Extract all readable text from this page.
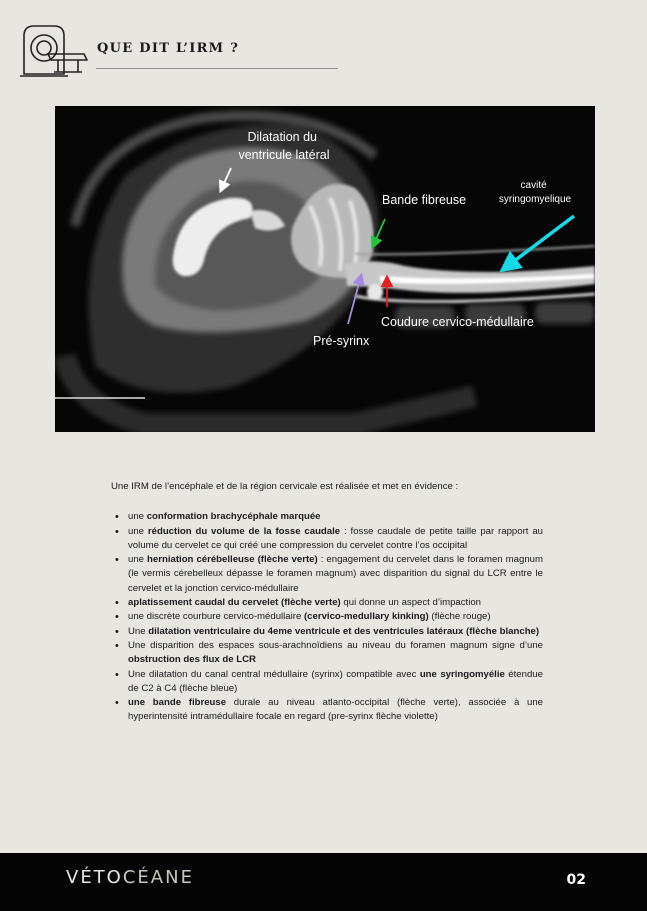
QUE DIT L’IRM ?
Dilatation du ventricule latéral
Bande fibreuse
cavité syringomyelique
Coudure cervico-médullaire
Pré-syrinx

Une IRM de l’encéphale et de la région cervicale est réalisée et met en évidence :

• une conformation brachycéphale marquée
• une réduction du volume de la fosse caudale : fosse caudale de petite taille par rapport au volume du cervelet ce qui créé une compression du cervelet contre l’os occipital
• une herniation cérébelleuse (flèche verte) : engagement du cervelet dans le foramen magnum (le vermis cérebelleux dépasse le foramen magnum) avec disparition du signal du LCR entre le cervelet et la jonction cervico-médullaire
• aplatissement caudal du cervelet (flèche verte) qui donne un aspect d’impaction
• une discrète courbure cervico-médullaire (cervico-medullary kinking) (flèche rouge)
• Une dilatation ventriculaire du 4eme ventricule et des ventricules latéraux (flèche blanche)
• Une disparition des espaces sous-arachnoïdiens au niveau du foramen magnum signe d’une obstruction des flux de LCR
• Une dilatation du canal central médullaire (syrinx) compatible avec une syringomyélie étendue de C2 à C4 (flèche bleue)
• une bande fibreuse durale au niveau atlanto-occipital (flèche verte), associée à une hyperintensité intramédullaire focale en regard (pre-syrinx flèche violette)
VÉTOCÉANE	02
